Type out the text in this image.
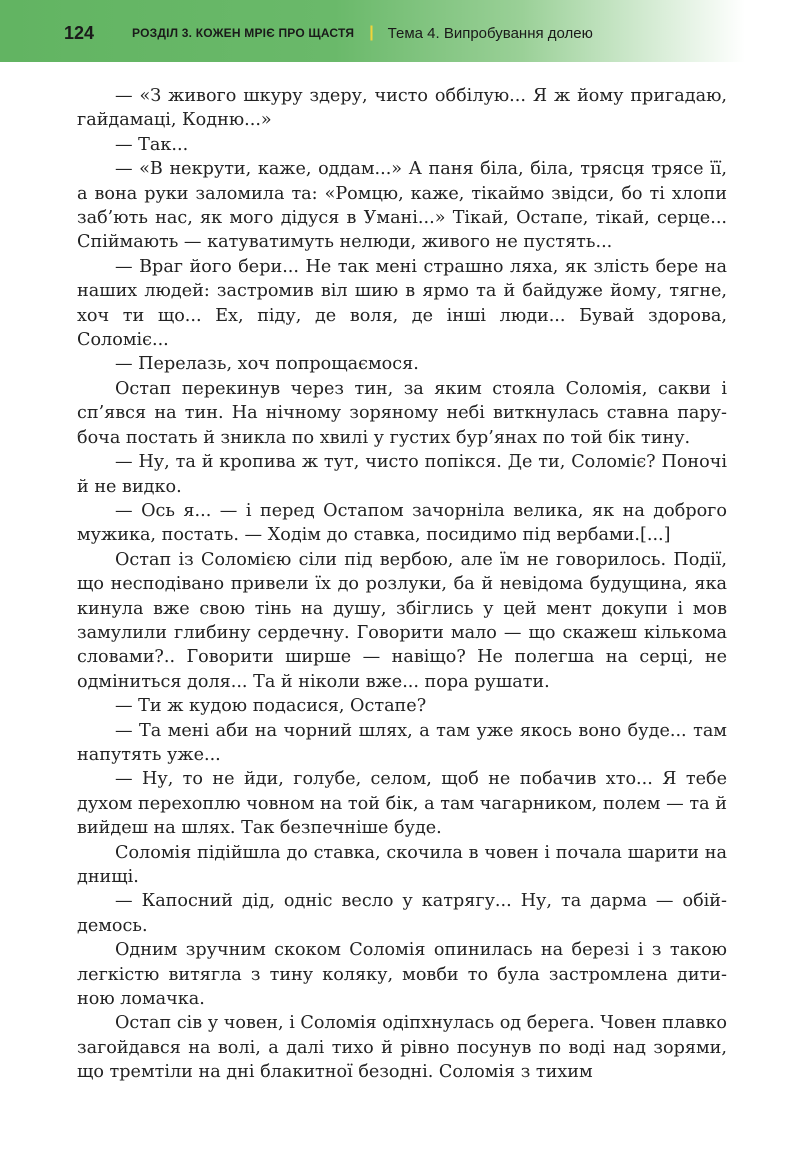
124	РОЗДІЛ 3. КОЖЕН МРІЄ ПРО ЩАСТЯ | Тема 4. Випробування долею

— «З живого шкуру здеру, чисто оббілую... Я ж йому пригадаю, гайдамаці, Кодню...»

— Так...

— «В некрути, каже, оддам...» А паня біла, біла, трясця трясе її, а вона руки заломила та: «Ромцю, каже, тікаймо звідси, бо ті хлопи заб’ють нас, як мого дідуся в Умані...» Тікай, Остапе, тікай, серце... Спіймають — катуватимуть нелюди, живого не пустять...

— Враг його бери... Не так мені страшно ляха, як злість бере на наших людей: застромив віл шию в ярмо та й байдуже йому, тягне, хоч ти що... Ех, піду, де воля, де інші люди... Бувай здорова, Соломіє...

— Перелазь, хоч попрощаємося.

Остап перекинув через тин, за яким стояла Соломія, сакви і сп’явся на тин. На нічному зоряному небі виткнулась ставна парубоча постать й зникла по хвилі у густих бур’янах по той бік тину.

— Ну, та й кропива ж тут, чисто попікся. Де ти, Соломіє? Поночі й не видко.

— Ось я... — і перед Остапом зачорніла велика, як на доброго мужика, постать. — Ходім до ставка, посидимо під вербами.[...]

Остап із Соломією сіли під вербою, але їм не говорилось. Події, що несподівано привели їх до розлуки, ба й невідома будущина, яка кинула вже свою тінь на душу, збіглись у цей мент докупи і мов замулили глибину сердечну. Говорити мало — що скажеш кількома словами?.. Говорити ширше — навіщо? Не полегша на серці, не одміниться доля... Та й ніколи вже... пора рушати.

— Ти ж кудою подасися, Остапе?

— Та мені аби на чорний шлях, а там уже якось воно буде... там напутять уже...

— Ну, то не йди, голубе, селом, щоб не побачив хто... Я тебе духом перехоплю човном на той бік, а там чагарником, полем — та й вийдеш на шлях. Так безпечніше буде.

Соломія підійшла до ставка, скочила в човен і почала шарити на днищі.

— Капосний дід, одніс весло у катрягу... Ну, та дарма — обійдемось.

Одним зручним скоком Соломія опинилась на березі і з такою легкістю витягла з тину коляку, мовби то була застромлена дитиною ломачка.

Остап сів у човен, і Соломія одіпхнулась од берега. Човен плавко загойдався на волі, а далі тихо й рівно посунув по воді над зорями, що тремтіли на дні блакитної безодні. Соломія з тихим
